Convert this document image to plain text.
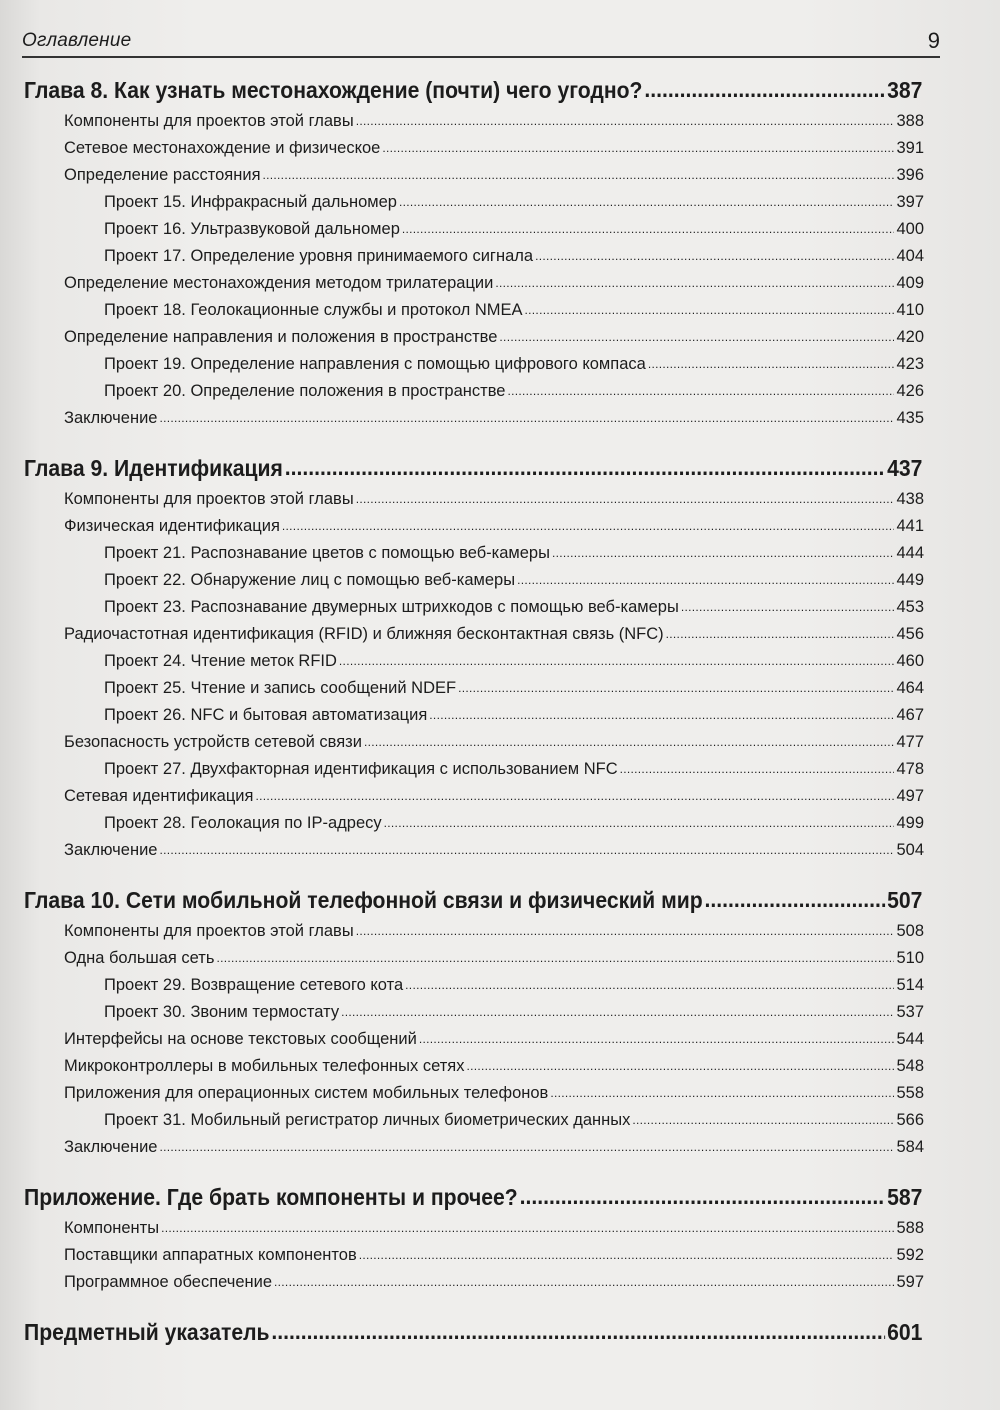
Оглавление	9
Глава 8. Как узнать местонахождение (почти) чего угодно? .....	387
Компоненты для проектов этой главы .....	388
Сетевое местонахождение и физическое .....	391
Определение расстояния .....	396
Проект 15. Инфракрасный дальномер .....	397
Проект 16. Ультразвуковой дальномер .....	400
Проект 17. Определение уровня принимаемого сигнала .....	404
Определение местонахождения методом трилатерации .....	409
Проект 18. Геолокационные службы и протокол NMEA .....	410
Определение направления и положения в пространстве .....	420
Проект 19. Определение направления с помощью цифрового компаса .....	423
Проект 20. Определение положения в пространстве .....	426
Заключение .....	435
Глава 9. Идентификация .....	437
Компоненты для проектов этой главы .....	438
Физическая идентификация .....	441
Проект 21. Распознавание цветов с помощью веб-камеры .....	444
Проект 22. Обнаружение лиц с помощью веб-камеры .....	449
Проект 23. Распознавание двумерных штрихкодов с помощью веб-камеры .....	453
Радиочастотная идентификация (RFID) и ближняя бесконтактная связь (NFC) .....	456
Проект 24. Чтение меток RFID .....	460
Проект 25. Чтение и запись сообщений NDEF .....	464
Проект 26. NFC и бытовая автоматизация .....	467
Безопасность устройств сетевой связи .....	477
Проект 27. Двухфакторная идентификация с использованием NFC .....	478
Сетевая идентификация .....	497
Проект 28. Геолокация по IP-адресу .....	499
Заключение .....	504
Глава 10. Сети мобильной телефонной связи и физический мир .....	507
Компоненты для проектов этой главы .....	508
Одна большая сеть .....	510
Проект 29. Возвращение сетевого кота .....	514
Проект 30. Звоним термостату .....	537
Интерфейсы на основе текстовых сообщений .....	544
Микроконтроллеры в мобильных телефонных сетях .....	548
Приложения для операционных систем мобильных телефонов .....	558
Проект 31. Мобильный регистратор личных биометрических данных .....	566
Заключение .....	584
Приложение. Где брать компоненты и прочее? .....	587
Компоненты .....	588
Поставщики аппаратных компонентов .....	592
Программное обеспечение .....	597
Предметный указатель .....	601
